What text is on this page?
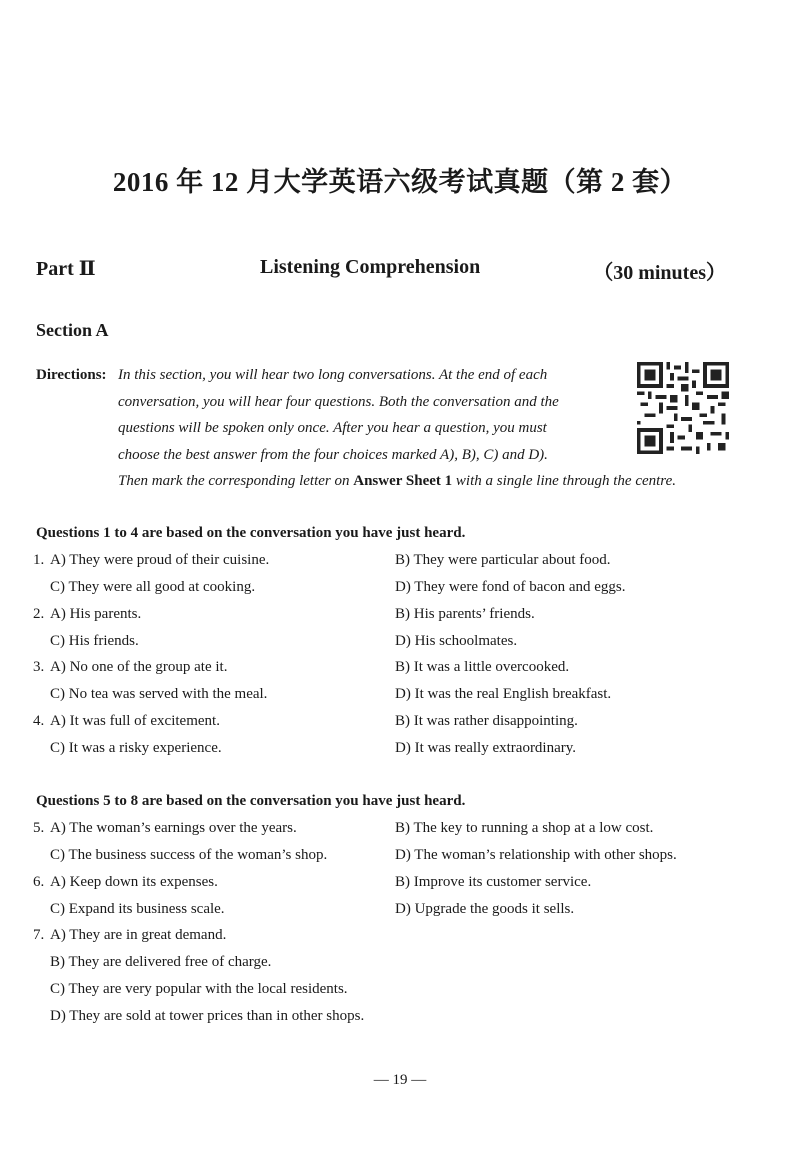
2016 年 12 月大学英语六级考试真题（第 2 套）
Part Ⅱ	Listening Comprehension	（30 minutes）
Section A
Directions: In this section, you will hear two long conversations. At the end of each
conversation, you will hear four questions. Both the conversation and the
questions will be spoken only once. After you hear a question, you must
choose the best answer from the four choices marked A), B), C) and D).
Then mark the corresponding letter on Answer Sheet 1 with a single line through the centre.
Questions 1 to 4 are based on the conversation you have just heard.
1. A) They were proud of their cuisine.	B) They were particular about food.
C) They were all good at cooking.	D) They were fond of bacon and eggs.
2. A) His parents.	B) His parents’ friends.
C) His friends.	D) His schoolmates.
3. A) No one of the group ate it.	B) It was a little overcooked.
C) No tea was served with the meal.	D) It was the real English breakfast.
4. A) It was full of excitement.	B) It was rather disappointing.
C) It was a risky experience.	D) It was really extraordinary.
Questions 5 to 8 are based on the conversation you have just heard.
5. A) The woman’s earnings over the years.	B) The key to running a shop at a low cost.
C) The business success of the woman’s shop.	D) The woman’s relationship with other shops.
6. A) Keep down its expenses.	B) Improve its customer service.
C) Expand its business scale.	D) Upgrade the goods it sells.
7. A) They are in great demand.
B) They are delivered free of charge.
C) They are very popular with the local residents.
D) They are sold at tower prices than in other shops.
— 19 —
